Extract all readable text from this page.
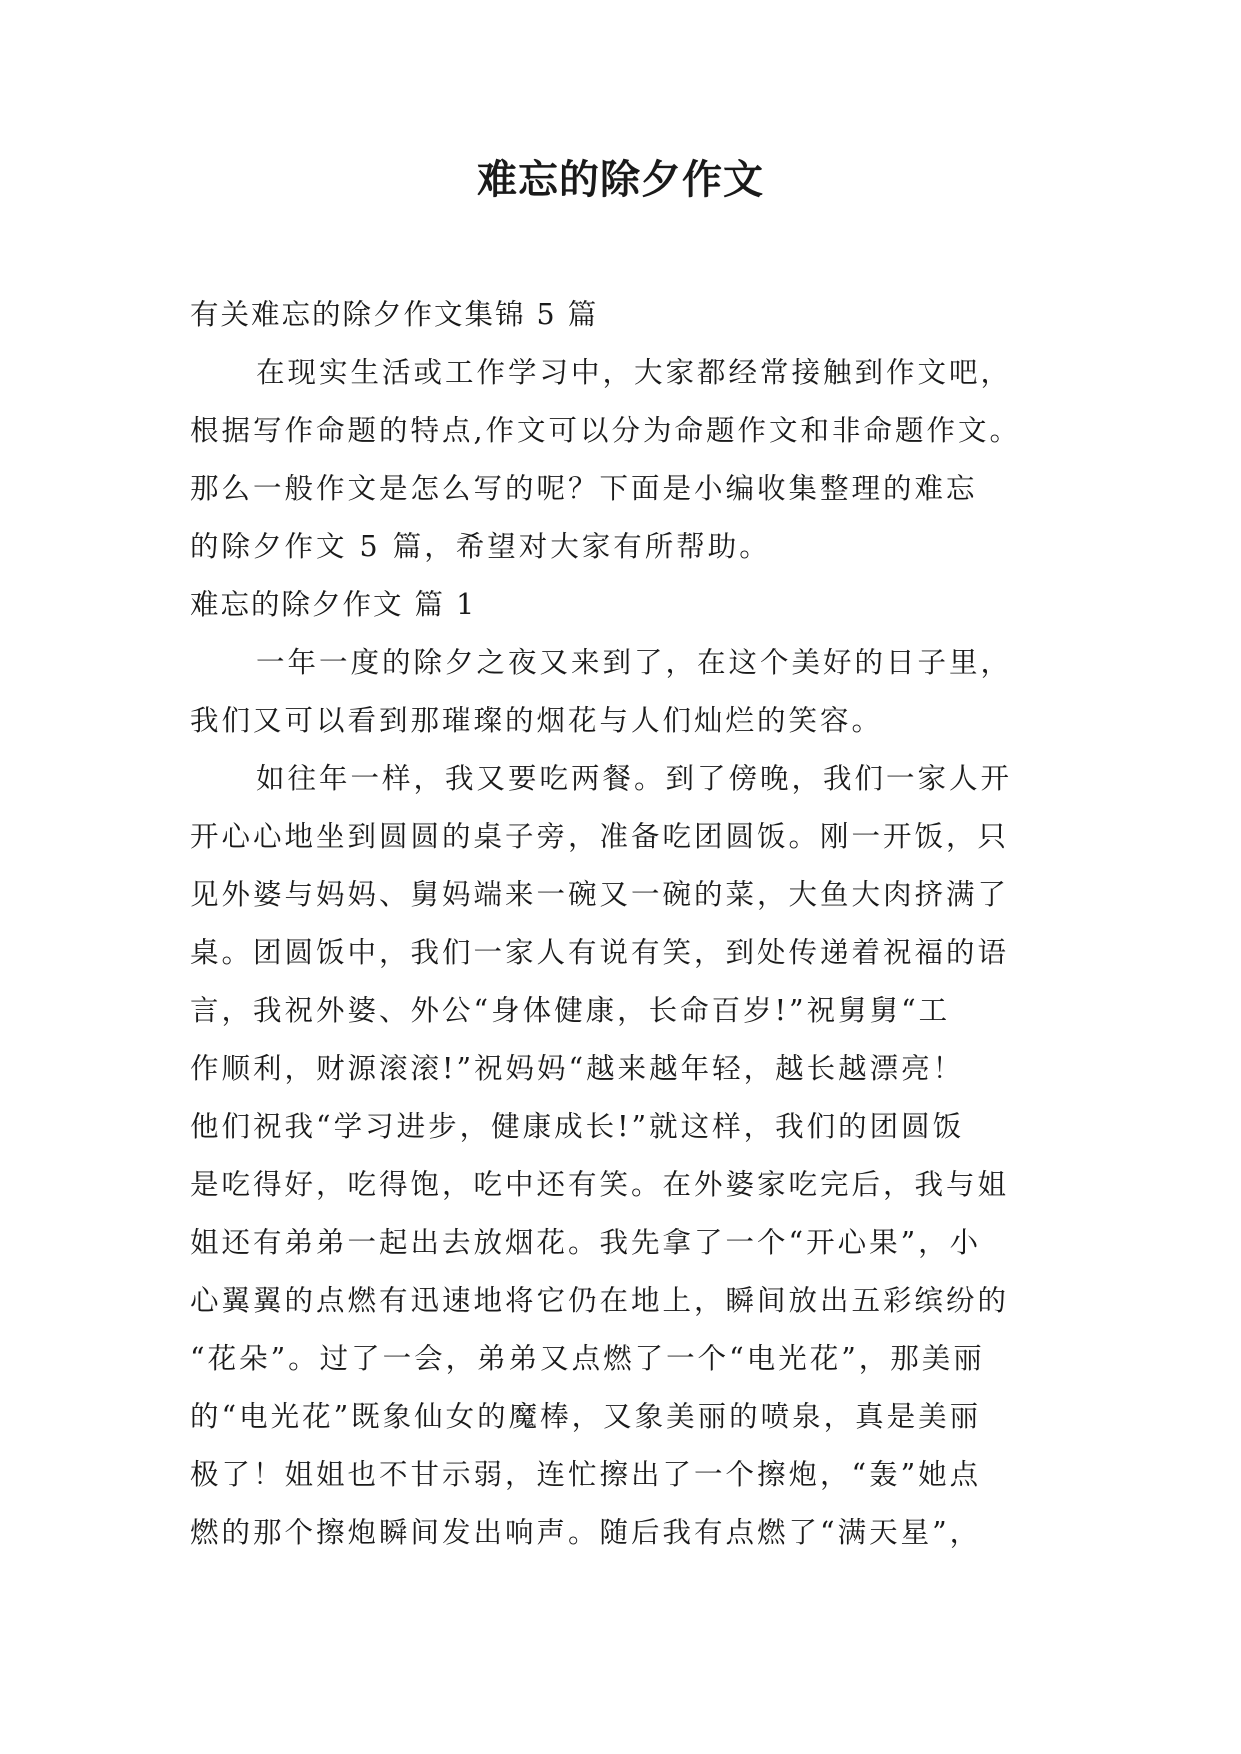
难忘的除夕作文

有关难忘的除夕作文集锦 5 篇

在现实生活或工作学习中，大家都经常接触到作文吧，

根据写作命题的特点,作文可以分为命题作文和非命题作文。

那么一般作文是怎么写的呢？下面是小编收集整理的难忘

的除夕作文 5 篇，希望对大家有所帮助。

难忘的除夕作文 篇 1

一年一度的除夕之夜又来到了，在这个美好的日子里，

我们又可以看到那璀璨的烟花与人们灿烂的笑容。

如往年一样，我又要吃两餐。到了傍晚，我们一家人开

开心心地坐到圆圆的桌子旁，准备吃团圆饭。刚一开饭，只

见外婆与妈妈、舅妈端来一碗又一碗的菜，大鱼大肉挤满了

桌。团圆饭中，我们一家人有说有笑，到处传递着祝福的语

言，我祝外婆、外公“身体健康，长命百岁!”祝舅舅“工

作顺利，财源滚滚!”祝妈妈“越来越年轻，越长越漂亮！

他们祝我“学习进步，健康成长!”就这样，我们的团圆饭

是吃得好，吃得饱，吃中还有笑。在外婆家吃完后，我与姐

姐还有弟弟一起出去放烟花。我先拿了一个“开心果”，小

心翼翼的点燃有迅速地将它仍在地上，瞬间放出五彩缤纷的

“花朵”。过了一会，弟弟又点燃了一个“电光花”，那美丽

的“电光花”既象仙女的魔棒，又象美丽的喷泉，真是美丽

极了！姐姐也不甘示弱，连忙擦出了一个擦炮，“轰”她点

燃的那个擦炮瞬间发出响声。随后我有点燃了“满天星”，
